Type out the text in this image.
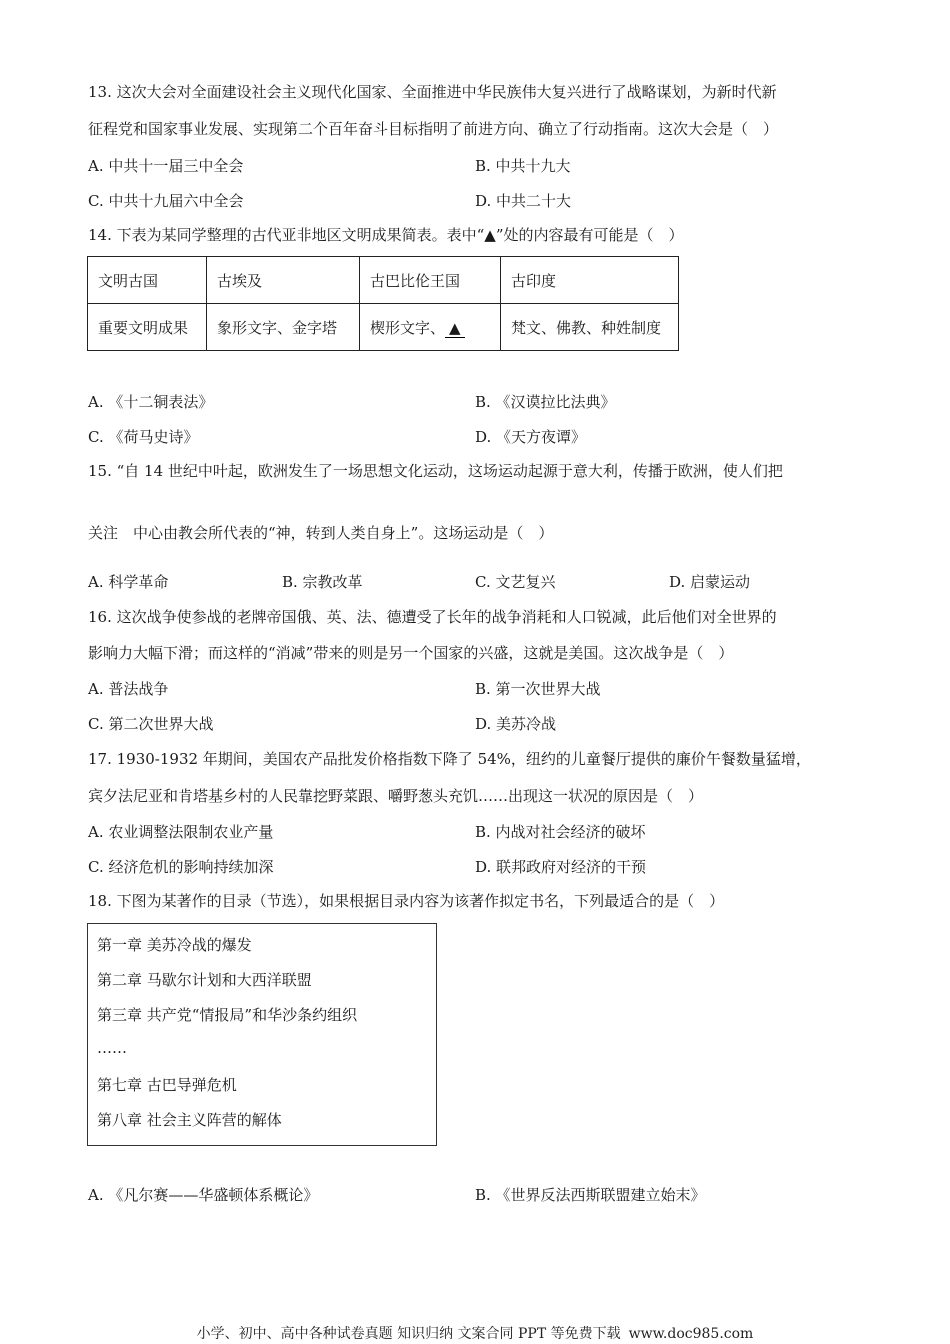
13. 这次大会对全面建设社会主义现代化国家、全面推进中华民族伟大复兴进行了战略谋划，为新时代新
征程党和国家事业发展、实现第二个百年奋斗目标指明了前进方向、确立了行动指南。这次大会是（　）
A. 中共十一届三中全会	B. 中共十九大
C. 中共十九届六中全会	D. 中共二十大
14. 下表为某同学整理的古代亚非地区文明成果简表。表中“▲”处的内容最有可能是（　）
文明古国	古埃及	古巴比伦王国	古印度
重要文明成果	象形文字、金字塔	楔形文字、 ▲	梵文、佛教、种姓制度
A. 《十二铜表法》	B. 《汉谟拉比法典》
C. 《荷马史诗》	D. 《天方夜谭》
15. “自 14 世纪中叶起，欧洲发生了一场思想文化运动，这场运动起源于意大利，传播于欧洲，使人们把
关注　中心由教会所代表的“神，转到人类自身上”。这场运动是（　）
A. 科学革命	B. 宗教改革	C. 文艺复兴	D. 启蒙运动
16. 这次战争使参战的老牌帝国俄、英、法、德遭受了长年的战争消耗和人口锐减，此后他们对全世界的
影响力大幅下滑；而这样的“消减”带来的则是另一个国家的兴盛，这就是美国。这次战争是（　）
A. 普法战争	B. 第一次世界大战
C. 第二次世界大战	D. 美苏冷战
17. 1930-1932 年期间，美国农产品批发价格指数下降了 54%，纽约的儿童餐厅提供的廉价午餐数量猛增，
宾夕法尼亚和肯塔基乡村的人民靠挖野菜跟、嚼野葱头充饥……出现这一状况的原因是（　）
A. 农业调整法限制农业产量	B. 内战对社会经济的破坏
C. 经济危机的影响持续加深	D. 联邦政府对经济的干预
18. 下图为某著作的目录（节选），如果根据目录内容为该著作拟定书名，下列最适合的是（　）
第一章 美苏冷战的爆发
第二章 马歇尔计划和大西洋联盟
第三章 共产党“情报局”和华沙条约组织
……
第七章 古巴导弹危机
第八章 社会主义阵营的解体
A. 《凡尔赛——华盛顿体系概论》	B. 《世界反法西斯联盟建立始末》
小学、初中、高中各种试卷真题 知识归纳 文案合同 PPT 等免费下载 www.doc985.com
